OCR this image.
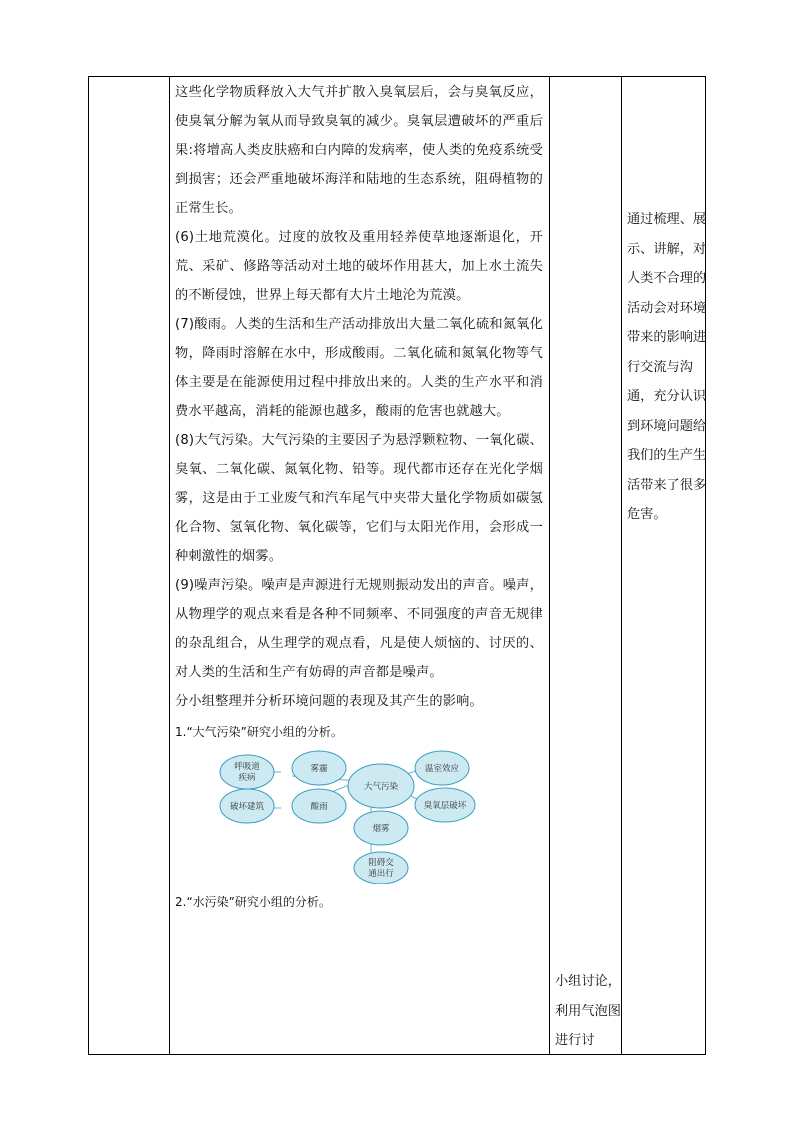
这些化学物质释放入大气并扩散入臭氧层后，会与臭氧反应，使臭氧分解为氧从而导致臭氧的减少。臭氧层遭破坏的严重后果:将增高人类皮肤癌和白内障的发病率，使人类的免疫系统受到损害；还会严重地破坏海洋和陆地的生态系统，阻碍植物的正常生长。

(6)土地荒漠化。过度的放牧及重用轻养使草地逐渐退化，开荒、采矿、修路等活动对土地的破坏作用甚大，加上水土流失的不断侵蚀，世界上每天都有大片土地沦为荒漠。

(7)酸雨。人类的生活和生产活动排放出大量二氧化硫和氮氧化物，降雨时溶解在水中，形成酸雨。二氧化硫和氮氧化物等气体主要是在能源使用过程中排放出来的。人类的生产水平和消费水平越高，消耗的能源也越多，酸雨的危害也就越大。

(8)大气污染。大气污染的主要因子为悬浮颗粒物、一氧化碳、臭氧、二氧化碳、氮氧化物、铅等。现代都市还存在光化学烟雾，这是由于工业废气和汽车尾气中夹带大量化学物质如碳氢化合物、氢氧化物、氧化碳等，它们与太阳光作用，会形成一种刺激性的烟雾。

(9)噪声污染。噪声是声源进行无规则振动发出的声音。噪声，从物理学的观点来看是各种不同频率、不同强度的声音无规律的杂乱组合，从生理学的观点看，凡是使人烦恼的、讨厌的、对人类的生活和生产有妨碍的声音都是噪声。

分小组整理并分析环境问题的表现及其产生的影响。

1.“大气污染”研究小组的分析。

呼吸道
疾病
雾霾	温室效应
破坏建筑	酸雨	臭氧层破坏
大气污染
烟雾
阻碍交
通出行

2.“水污染”研究小组的分析。

小组讨论，利用气泡图进行讨
通过梳理、展示、讲解，对人类不合理的活动会对环境带来的影响进行交流与沟通，充分认识到环境问题给我们的生产生活带来了很多危害。
